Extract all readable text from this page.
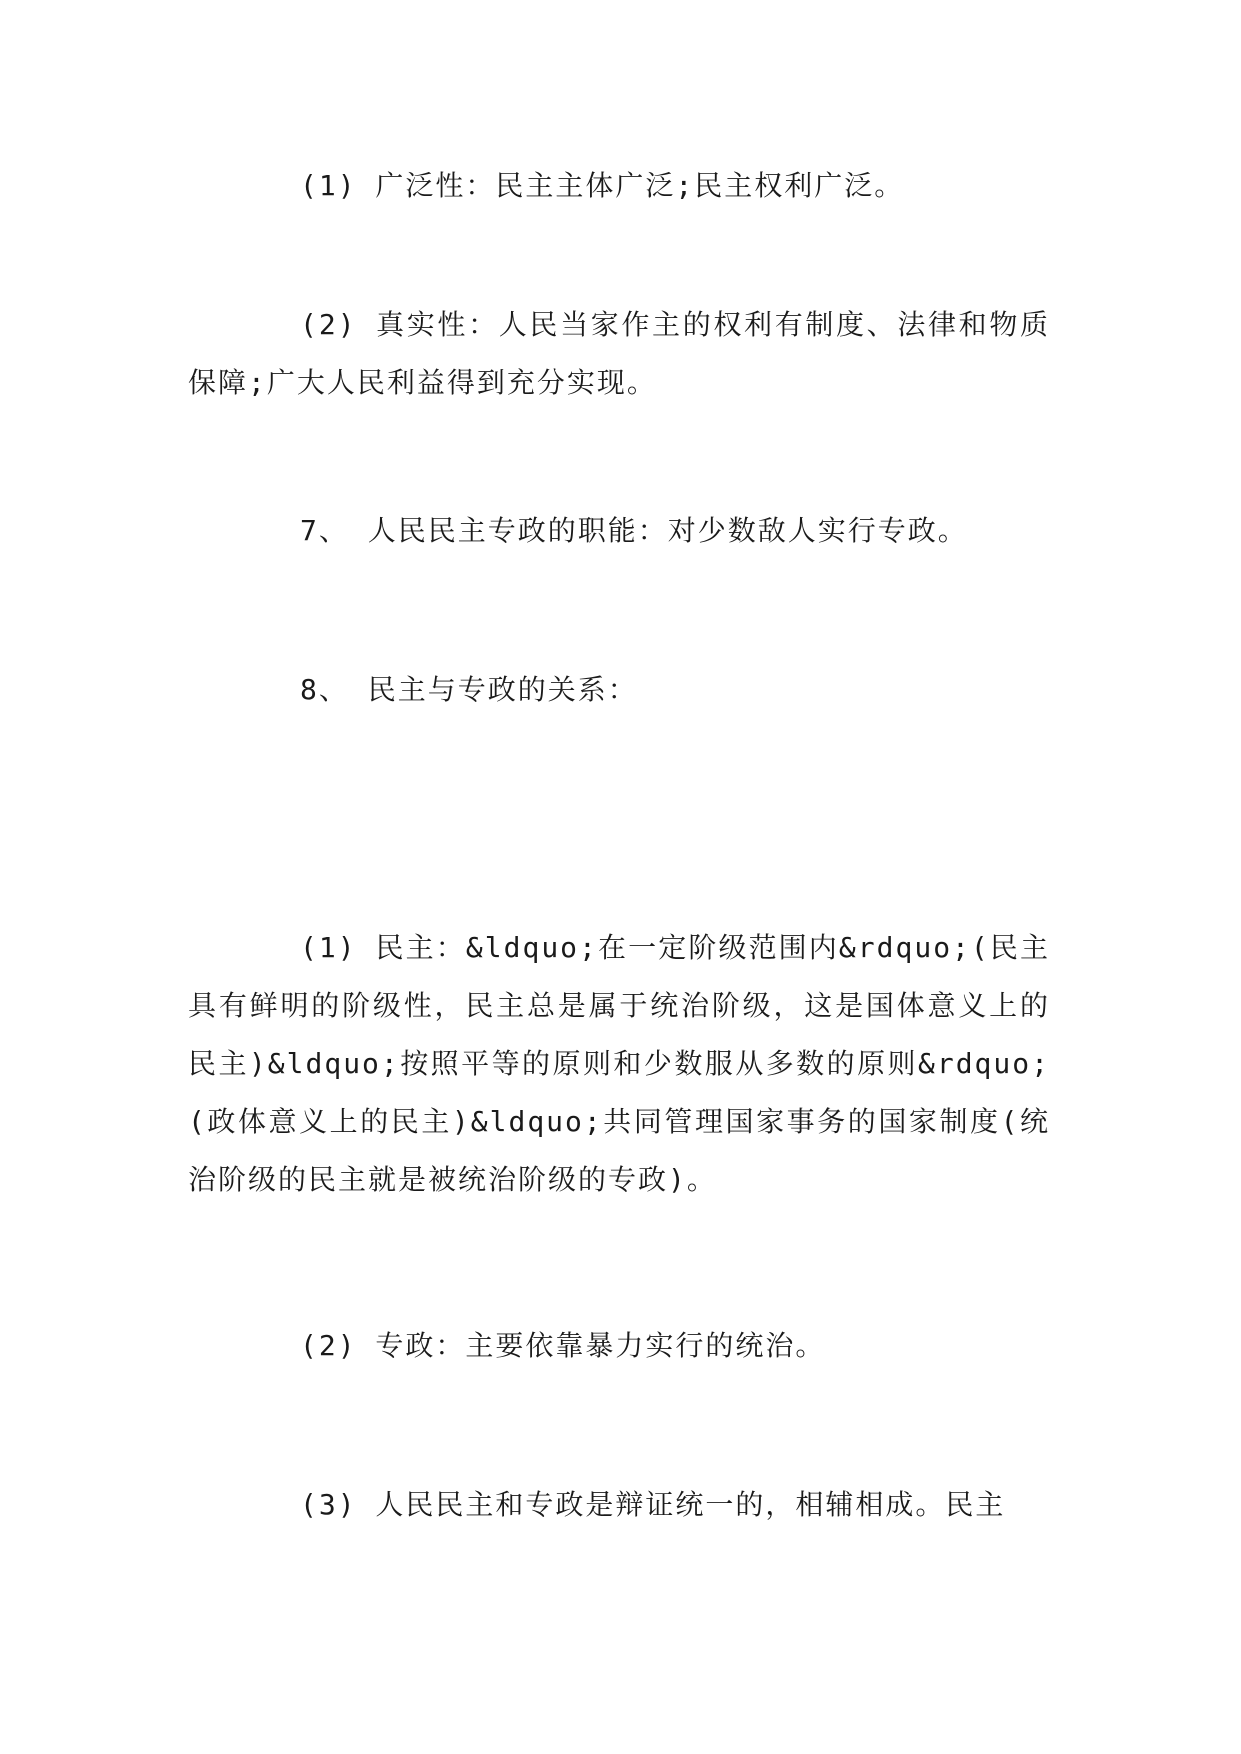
(1) 广泛性：民主主体广泛;民主权利广泛。

(2) 真实性：人民当家作主的权利有制度、法律和物质保障;广大人民利益得到充分实现。

7、 人民民主专政的职能：对少数敌人实行专政。

8、 民主与专政的关系：

(1) 民主：&ldquo;在一定阶级范围内&rdquo;(民主具有鲜明的阶级性，民主总是属于统治阶级，这是国体意义上的民主)&ldquo;按照平等的原则和少数服从多数的原则&rdquo;(政体意义上的民主)&ldquo;共同管理国家事务的国家制度(统治阶级的民主就是被统治阶级的专政)。

(2) 专政：主要依靠暴力实行的统治。

(3) 人民民主和专政是辩证统一的，相辅相成。民主
